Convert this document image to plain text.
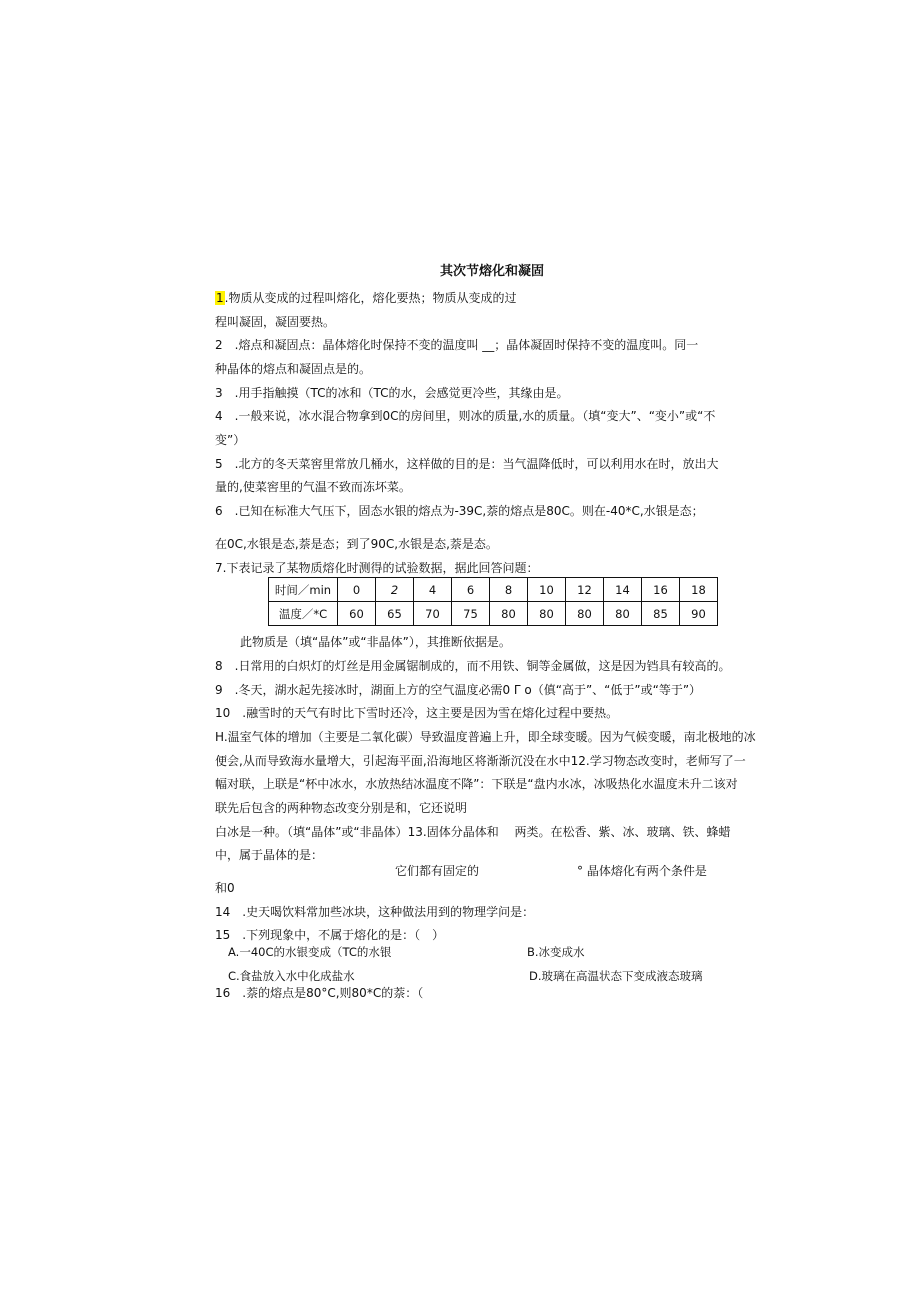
其次节熔化和凝固
1.物质从变成的过程叫熔化，熔化要热；物质从变成的过
程叫凝固，凝固要热。
2　.熔点和凝固点：晶体熔化时保持不变的温度叫 __；晶体凝固时保持不变的温度叫。同一
种晶体的熔点和凝固点是的。
3　.用手指触摸（TC的冰和（TC的水，会感觉更冷些，其缘由是。
4　.一般来说，冰水混合物拿到0C的房间里，则冰的质量,水的质量。（填“变大”、“变小”或“不
变”）
5　.北方的冬天菜窖里常放几桶水，这样做的目的是：当气温降低时，可以利用水在时，放出大
量的,使菜窖里的气温不致而冻坏菜。
6　.已知在标准大气压下，固态水银的熔点为-39C,萘的熔点是80C。则在-40*C,水银是态；
在0C,水银是态,萘是态；到了90C,水银是态,萘是态。
7.下表记录了某物质熔化时测得的试验数据，据此回答问题：
时间／min	0	2	4	6	8	10	12	14	16	18
温度／*C	60	65	70	75	80	80	80	80	85	90
此物质是（填“晶体”或“非晶体”），其推断依据是。
8　.日常用的白炽灯的灯丝是用金属锯制成的，而不用铁、铜等金属做，这是因为铛具有较高的。
9　.冬天，湖水起先接冰时，湖面上方的空气温度必需0 Γ o（傎“高于”、“低于”或“等于”）
10　.融雪时的天气有时比下雪时还冷，这主要是因为雪在熔化过程中要热。
H.温室气体的增加（主要是二氧化碳）导致温度普遍上升，即全球变暖。因为气候变暖，南北极地的冰
便会,从而导致海水量增大，引起海平面,沿海地区将渐渐沉没在水中12.学习物态改变时，老师写了一
幅对联，上联是“杯中冰水，水放热结冰温度不降”：下联是“盘内水冰，冰吸热化水温度未升二该对
联先后包含的两种物态改变分别是和，它还说明
白冰是一种。（填“晶体”或“非晶体）13.固体分晶体和　 两类。在松香、紫、冰、玻璃、铁、蜂蜡
中，属于晶体的是：
它们都有固定的	° 晶体熔化有两个条件是
和0
14　.史天喝饮料常加些冰块，这种做法用到的物理学问是：
15　.下列现象中，不属于熔化的是：（　）
A.一40C的水银变成（TC的水银	B.冰变成水
C.食盐放入水中化成盐水	D.玻璃在高温状态下变成液态玻璃
16　.萘的熔点是80°C,则80*C的萘：（
